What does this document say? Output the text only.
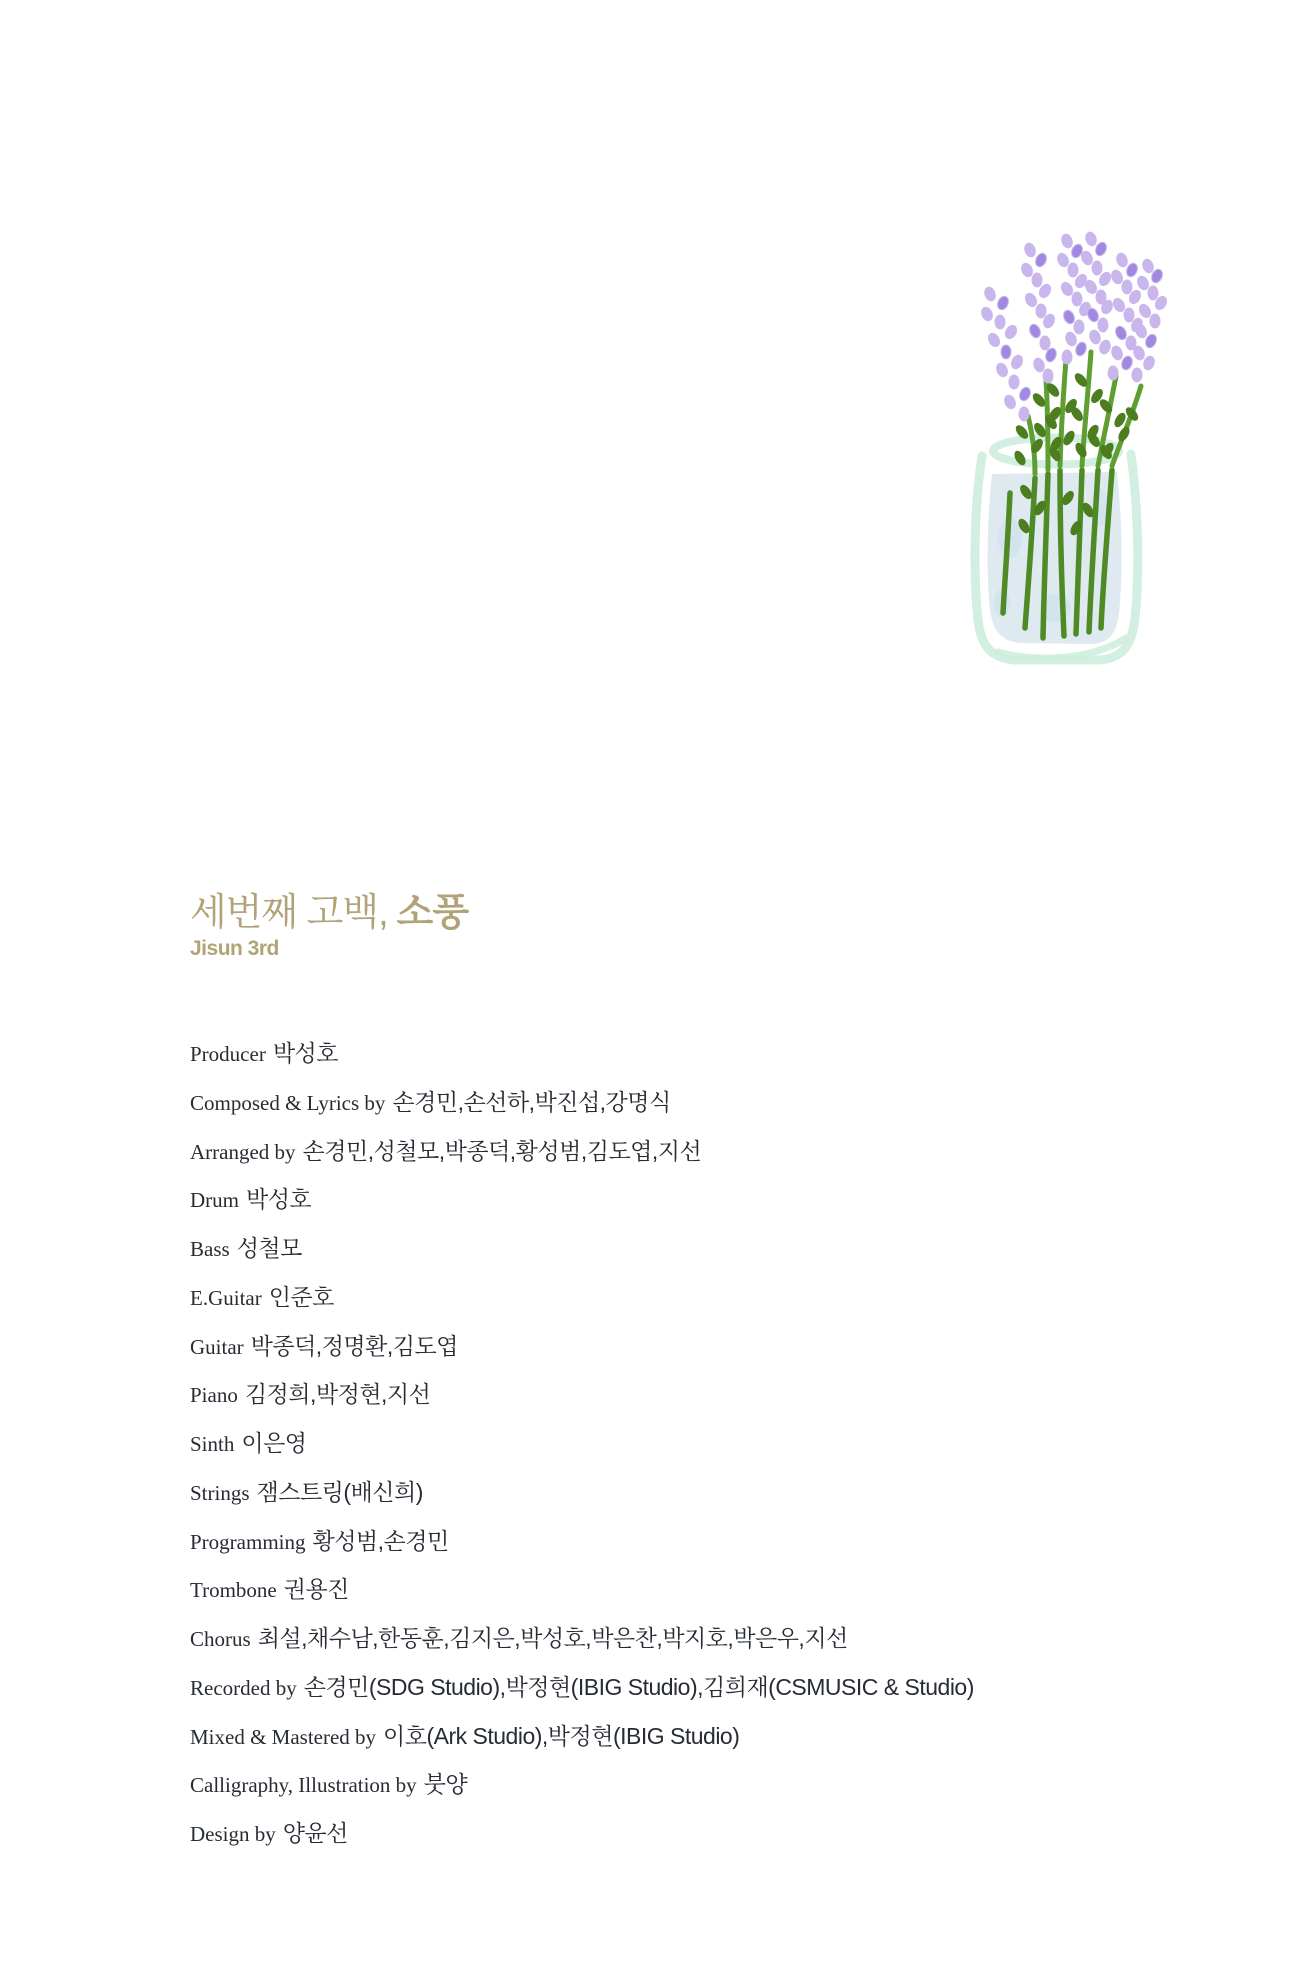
세번째 고백, 소풍
Jisun 3rd
Producer 박성호
Composed & Lyrics by 손경민,손선하,박진섭,강명식
Arranged by 손경민,성철모,박종덕,황성범,김도엽,지선
Drum 박성호
Bass 성철모
E.Guitar 인준호
Guitar 박종덕,정명환,김도엽
Piano 김정희,박정현,지선
Sinth 이은영
Strings 잼스트링(배신희)
Programming 황성범,손경민
Trombone 권용진
Chorus 최설,채수남,한동훈,김지은,박성호,박은찬,박지호,박은우,지선
Recorded by 손경민(SDG Studio),박정현(IBIG Studio),김희재(CSMUSIC & Studio)
Mixed & Mastered by 이호(Ark Studio),박정현(IBIG Studio)
Calligraphy, Illustration by 붓양
Design by 양윤선
